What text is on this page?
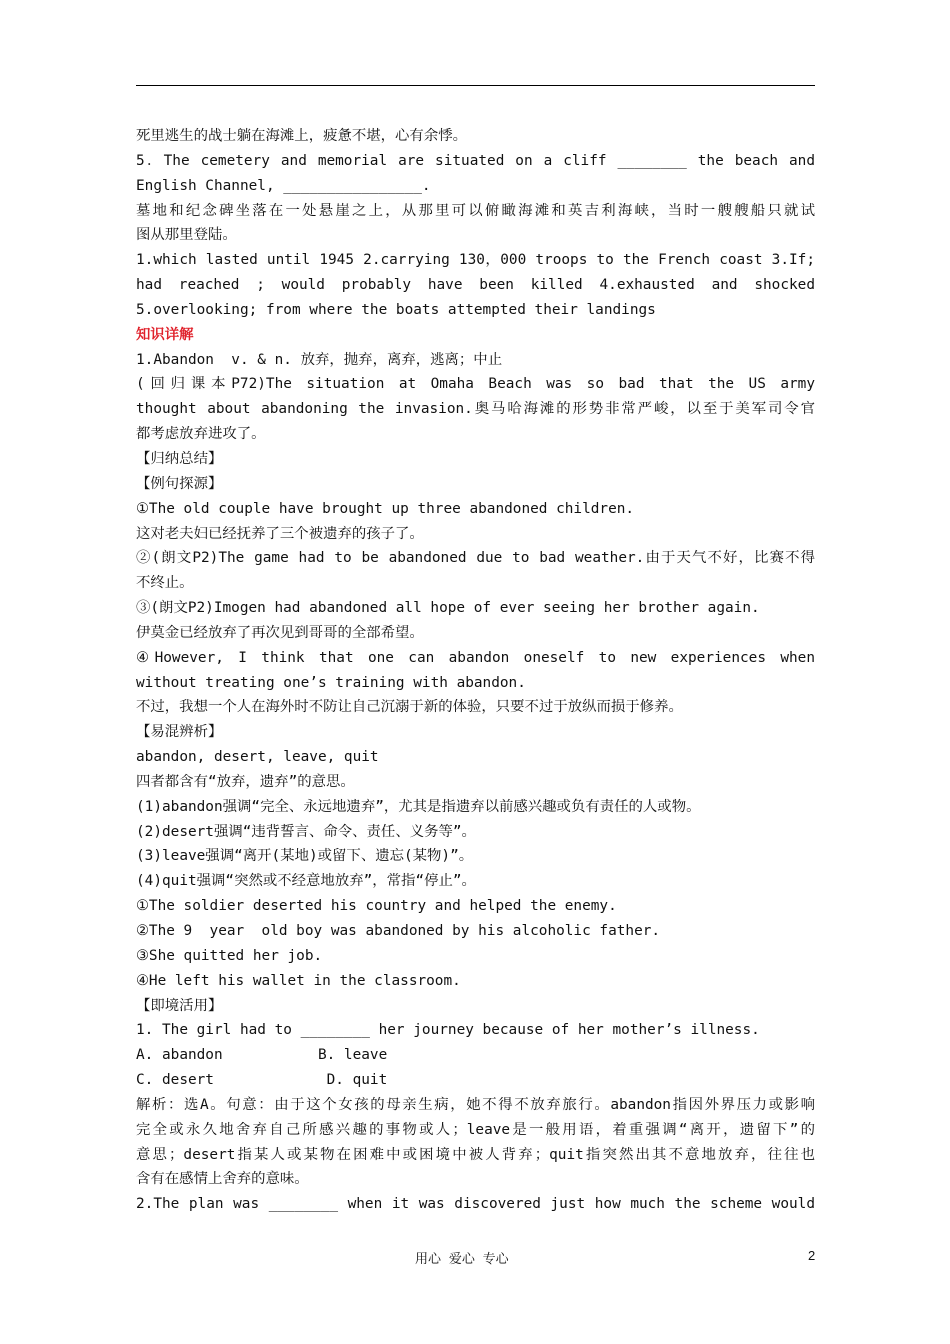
死里逃生的战士躺在海滩上，疲惫不堪，心有余悸。
5．The cemetery and memorial are situated on a cliff ________ the beach and
English Channel, ________________.
墓地和纪念碑坐落在一处悬崖之上，从那里可以俯瞰海滩和英吉利海峡，当时一艘艘船只就试
图从那里登陆。
1.which lasted until 1945 2.carrying 130，000 troops to the French coast 3.If;
had reached ; would probably have been killed 4.exhausted and shocked
5.overlooking; from where the boats attempted their landings
知识详解
1.Abandon  v. & n. 放弃，抛弃，离弃，逃离；中止
(回归课本P72)The situation at Omaha Beach was so bad that the US army
thought about abandoning the invasion.奥马哈海滩的形势非常严峻，以至于美军司令官
都考虑放弃进攻了。
【归纳总结】
【例句探源】
①The old couple have brought up three abandoned children.
这对老夫妇已经抚养了三个被遗弃的孩子了。
②(朗文P2)The game had to be abandoned due to bad weather.由于天气不好，比赛不得
不终止。
③(朗文P2)Imogen had abandoned all hope of ever seeing her brother again.
伊莫金已经放弃了再次见到哥哥的全部希望。
④However, I think that one can abandon oneself to new experiences when
without treating one’s training with abandon.
不过，我想一个人在海外时不防让自己沉溺于新的体验，只要不过于放纵而损于修养。
【易混辨析】
abandon, desert, leave, quit
四者都含有“放弃，遗弃”的意思。
(1)abandon强调“完全、永远地遗弃”，尤其是指遗弃以前感兴趣或负有责任的人或物。
(2)desert强调“违背誓言、命令、责任、义务等”。
(3)leave强调“离开(某地)或留下、遗忘(某物)”。
(4)quit强调“突然或不经意地放弃”，常指“停止”。
①The soldier deserted his country and helped the enemy.
②The 9  year  old boy was abandoned by his alcoholic father.
③She quitted her job.
④He left his wallet in the classroom.
【即境活用】
1. The girl had to ________ her journey because of her mother’s illness.
A. abandon           B. leave
C. desert             D. quit
解析：选A。句意：由于这个女孩的母亲生病，她不得不放弃旅行。abandon指因外界压力或影响
完全或永久地舍弃自己所感兴趣的事物或人；leave是一般用语，着重强调“离开，遗留下”的
意思；desert指某人或某物在困难中或困境中被人背弃；quit指突然出其不意地放弃，往往也
含有在感情上舍弃的意味。
2.The plan was ________ when it was discovered just how much the scheme would
用心 爱心 专心	2
